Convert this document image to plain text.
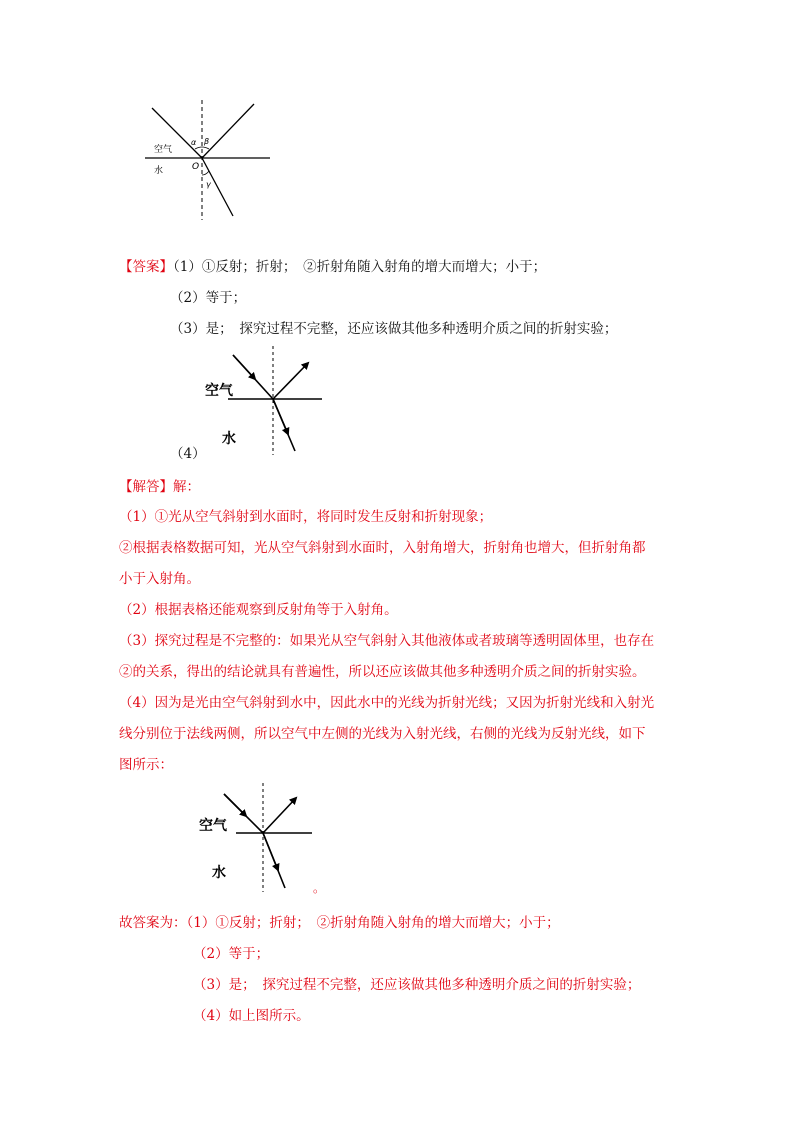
空气
水	O
α β
γ
【答案】（1）①反射；折射；　②折射角随入射角的增大而增大；小于；
（2）等于；
（3）是；　探究过程不完整，还应该做其他多种透明介质之间的折射实验；
空气
水
（4）
【解答】解：
（1）①光从空气斜射到水面时，将同时发生反射和折射现象；
②根据表格数据可知，光从空气斜射到水面时，入射角增大，折射角也增大，但折射角都
小于入射角。
（2）根据表格还能观察到反射角等于入射角。
（3）探究过程是不完整的：如果光从空气斜射入其他液体或者玻璃等透明固体里，也存在
②的关系，得出的结论就具有普遍性，所以还应该做其他多种透明介质之间的折射实验。
（4）因为是光由空气斜射到水中，因此水中的光线为折射光线；又因为折射光线和入射光
线分别位于法线两侧，所以空气中左侧的光线为入射光线，右侧的光线为反射光线，如下
图所示：
空气
水
。
故答案为：（1）①反射；折射；　②折射角随入射角的增大而增大；小于；
（2）等于；
（3）是；　探究过程不完整，还应该做其他多种透明介质之间的折射实验；
（4）如上图所示。
